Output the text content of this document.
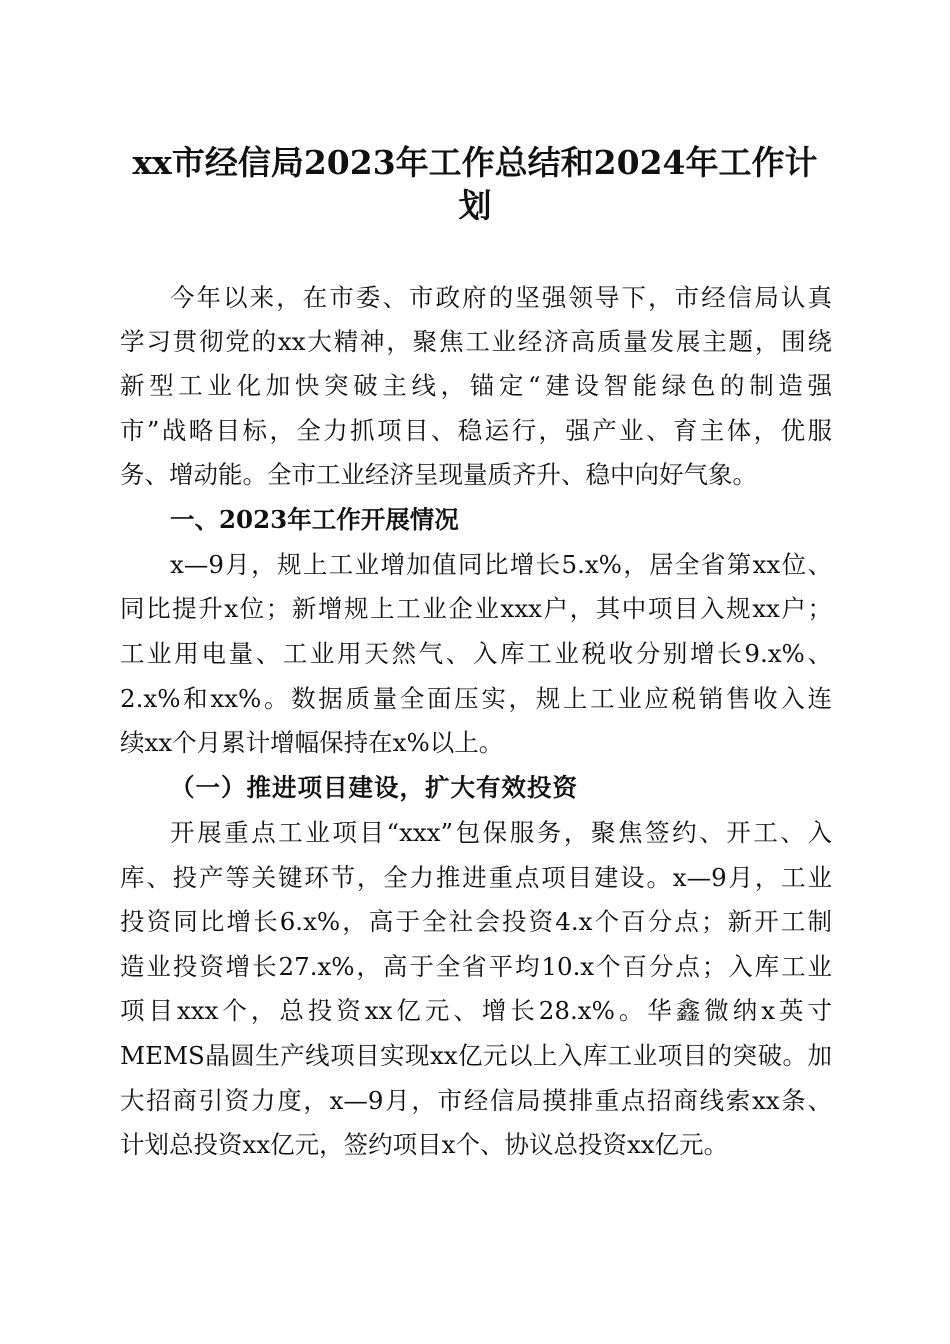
xx市经信局2023年工作总结和2024年工作计
划
今年以来，在市委、市政府的坚强领导下，市经信局认真
学习贯彻党的xx大精神，聚焦工业经济高质量发展主题，围绕
新型工业化加快突破主线，锚定“建设智能绿色的制造强
市”战略目标，全力抓项目、稳运行，强产业、育主体，优服
务、增动能。全市工业经济呈现量质齐升、稳中向好气象。
一、2023年工作开展情况
x—9月，规上工业增加值同比增长5.x%，居全省第xx位、
同比提升x位；新增规上工业企业xxx户，其中项目入规xx户；
工业用电量、工业用天然气、入库工业税收分别增长9.x%、
2.x%和xx%。数据质量全面压实，规上工业应税销售收入连
续xx个月累计增幅保持在x%以上。
（一）推进项目建设，扩大有效投资
开展重点工业项目“xxx”包保服务，聚焦签约、开工、入
库、投产等关键环节，全力推进重点项目建设。x—9月，工业
投资同比增长6.x%，高于全社会投资4.x个百分点；新开工制
造业投资增长27.x%，高于全省平均10.x个百分点；入库工业
项目xxx个，总投资xx亿元、增长28.x%。华鑫微纳x英寸
MEMS晶圆生产线项目实现xx亿元以上入库工业项目的突破。加
大招商引资力度，x—9月，市经信局摸排重点招商线索xx条、
计划总投资xx亿元，签约项目x个、协议总投资xx亿元。
